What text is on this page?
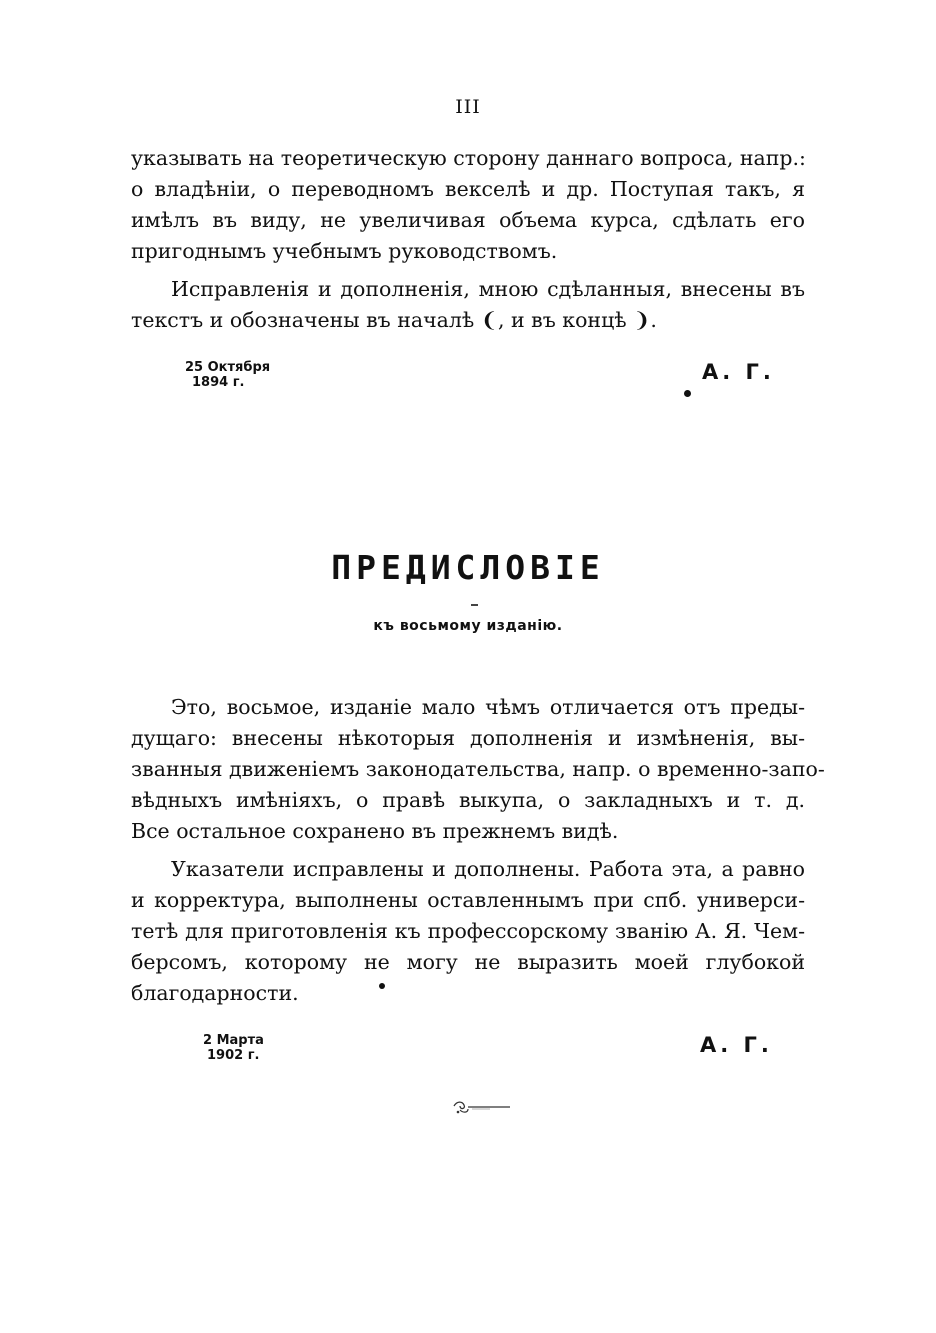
III
указывать на теоретическую сторону даннаго вопроса, напр.:
о владѣніи, о переводномъ векселѣ и др. Поступая такъ, я
имѣлъ въ виду, не увеличивая объема курса, сдѣлать его
пригоднымъ учебнымъ руководствомъ.
Исправленія и дополненія, мною сдѣланныя, внесены въ
текстъ и обозначены въ началѣ ❨, и въ концѣ ❩.
25 Октября
1894 г.	А. Г.
ПРЕДИСЛОВІЕ
къ восьмому изданію.
Это, восьмое, изданіе мало чѣмъ отличается отъ преды-
дущаго: внесены нѣкоторыя дополненія и измѣненія, вы-
званныя движеніемъ законодательства, напр. о временно-запо-
вѣдныхъ имѣніяхъ, о правѣ выкупа, о закладныхъ и т. д.
Все остальное сохранено въ прежнемъ видѣ.
Указатели исправлены и дополнены. Работа эта, а равно
и корректура, выполнены оставленнымъ при спб. универси-
тетѣ для приготовленія къ профессорскому званію А. Я. Чем-
берсомъ, которому не могу не выразить моей глубокой
благодарности.
2 Марта
1902 г.	А. Г.
